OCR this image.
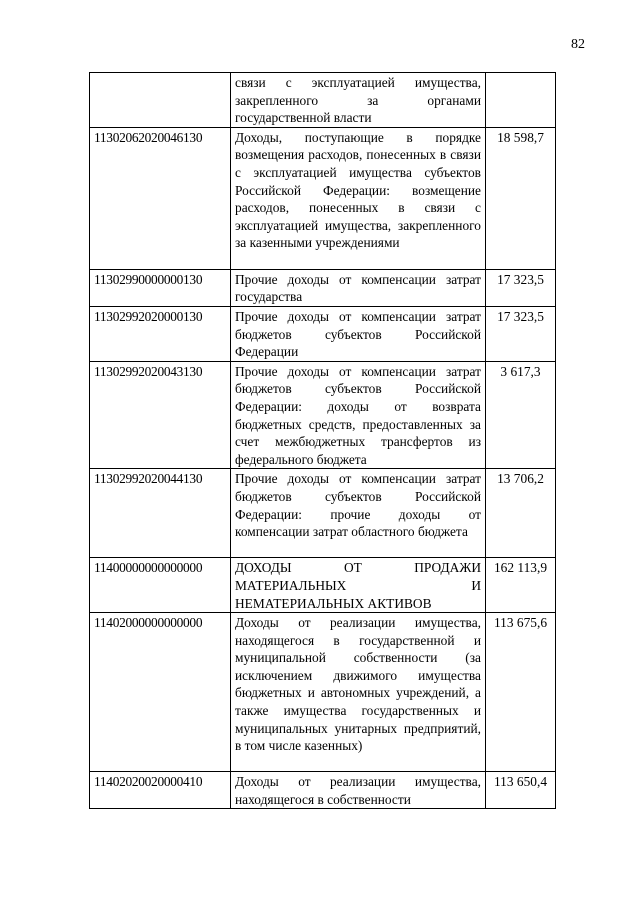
82
	связи с эксплуатацией имущества, закрепленного за органами государственной власти	
11302062020046130	Доходы, поступающие в порядке возмещения расходов, понесенных в связи с эксплуатацией имущества субъектов Российской Федерации: возмещение расходов, понесенных в связи с эксплуатацией имущества, закрепленного за казенными учреждениями	18 598,7
11302990000000130	Прочие доходы от компенсации затрат государства	17 323,5
11302992020000130	Прочие доходы от компенсации затрат бюджетов субъектов Российской Федерации	17 323,5
11302992020043130	Прочие доходы от компенсации затрат бюджетов субъектов Российской Федерации: доходы от возврата бюджетных средств, предоставленных за счет межбюджетных трансфертов из федерального бюджета	3 617,3
11302992020044130	Прочие доходы от компенсации затрат бюджетов субъектов Российской Федерации: прочие доходы от компенсации затрат областного бюджета	13 706,2
11400000000000000	ДОХОДЫ ОТ ПРОДАЖИ МАТЕРИАЛЬНЫХ И НЕМАТЕРИАЛЬНЫХ АКТИВОВ	162 113,9
11402000000000000	Доходы от реализации имущества, находящегося в государственной и муниципальной собственности (за исключением движимого имущества бюджетных и автономных учреждений, а также имущества государственных и муниципальных унитарных предприятий, в том числе казенных)	113 675,6
11402020020000410	Доходы от реализации имущества, находящегося в собственности	113 650,4
